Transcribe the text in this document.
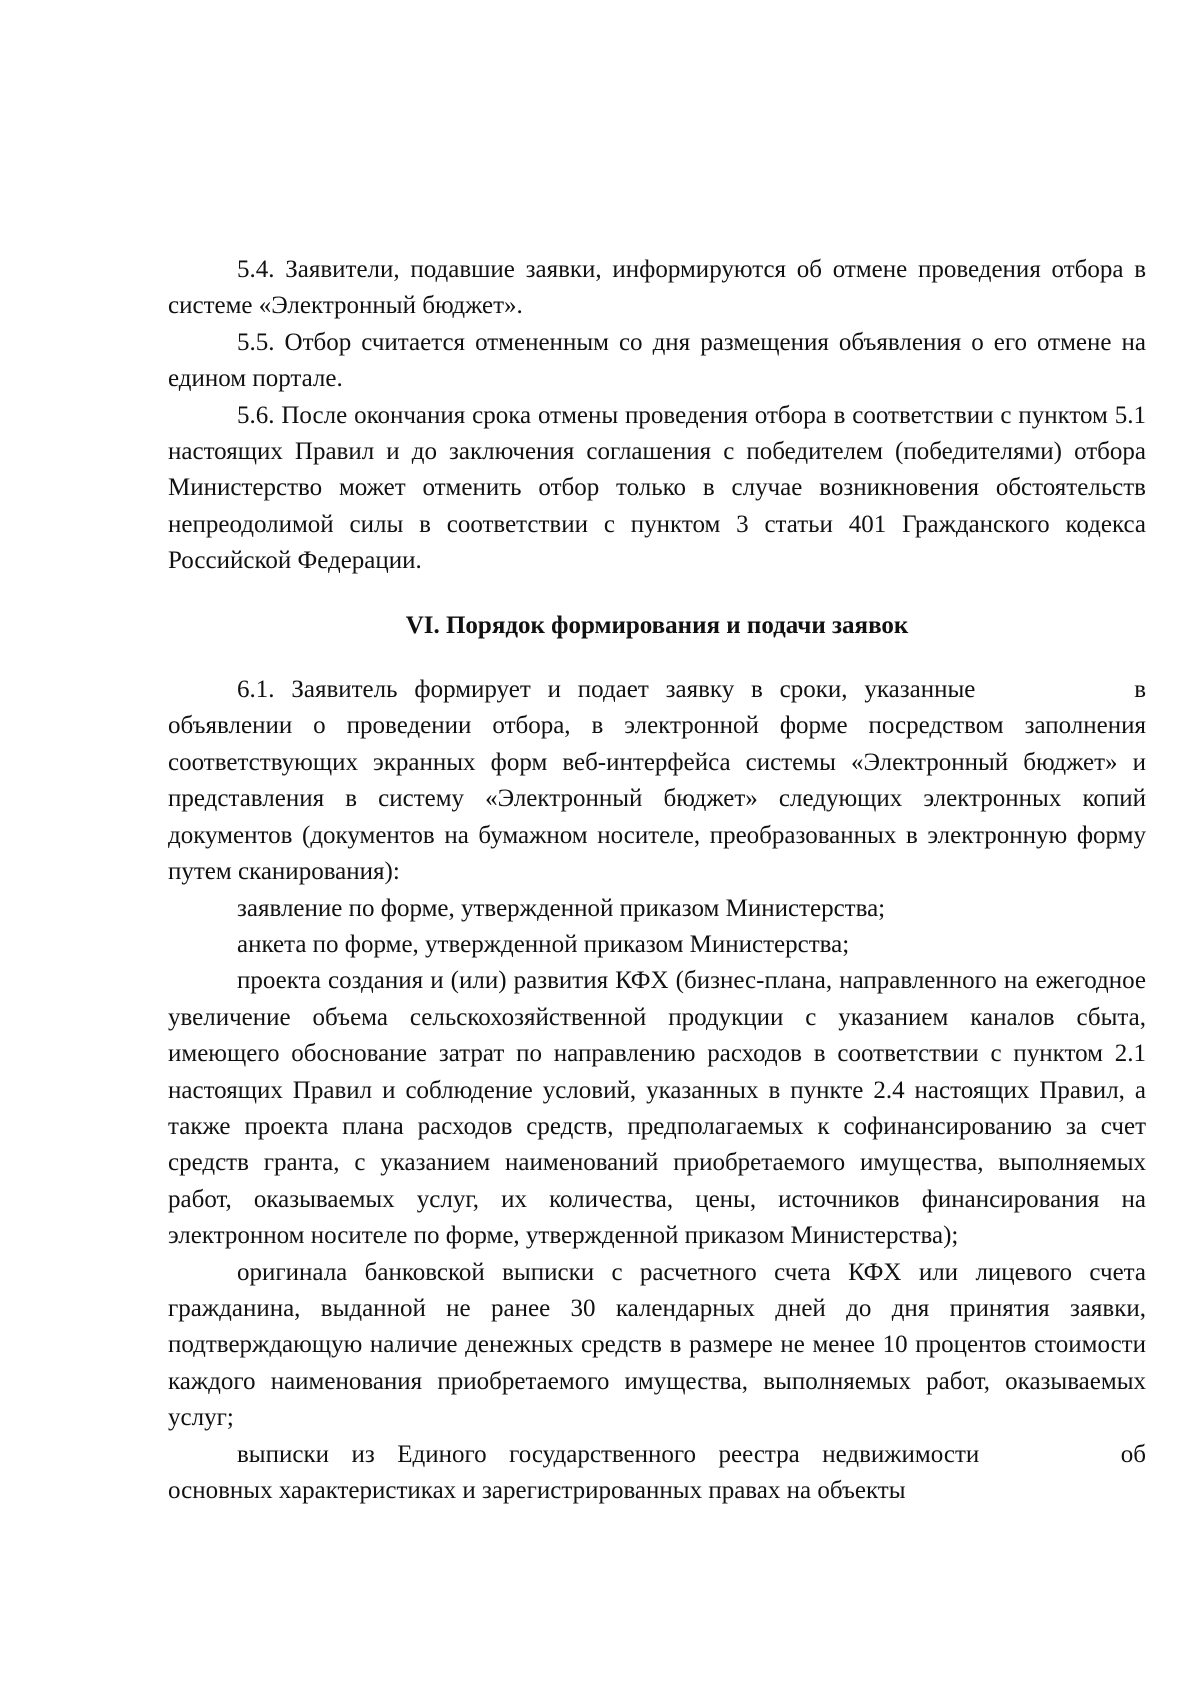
5.4. Заявители, подавшие заявки, информируются об отмене проведения отбора в системе «Электронный бюджет».

5.5. Отбор считается отмененным со дня размещения объявления о его отмене на едином портале.

5.6. После окончания срока отмены проведения отбора в соответствии с пунктом 5.1 настоящих Правил и до заключения соглашения с победителем (победителями) отбора Министерство может отменить отбор только в случае возникновения обстоятельств непреодолимой силы в соответствии с пунктом 3 статьи 401 Гражданского кодекса Российской Федерации.

VI. Порядок формирования и подачи заявок

6.1. Заявитель формирует и подает заявку в сроки, указанные	в объявлении о проведении отбора, в электронной форме посредством заполнения соответствующих экранных форм веб-интерфейса системы «Электронный бюджет» и представления в систему «Электронный бюджет» следующих электронных копий документов (документов на бумажном носителе, преобразованных в электронную форму путем сканирования):

заявление по форме, утвержденной приказом Министерства;

анкета по форме, утвержденной приказом Министерства;

проекта создания и (или) развития КФХ (бизнес-плана, направленного на ежегодное увеличение объема сельскохозяйственной продукции с указанием каналов сбыта, имеющего обоснование затрат по направлению расходов в соответствии с пунктом 2.1 настоящих Правил и соблюдение условий, указанных в пункте 2.4 настоящих Правил, а также проекта плана расходов средств, предполагаемых к софинансированию за счет средств гранта, с указанием наименований приобретаемого имущества, выполняемых работ, оказываемых услуг, их количества, цены, источников финансирования на электронном носителе по форме, утвержденной приказом Министерства);

оригинала банковской выписки с расчетного счета КФХ или лицевого счета гражданина, выданной не ранее 30 календарных дней до дня принятия заявки, подтверждающую наличие денежных средств в размере не менее 10 процентов стоимости каждого наименования приобретаемого имущества, выполняемых работ, оказываемых услуг;

выписки из Единого государственного реестра недвижимости	об основных характеристиках и зарегистрированных правах на объекты
